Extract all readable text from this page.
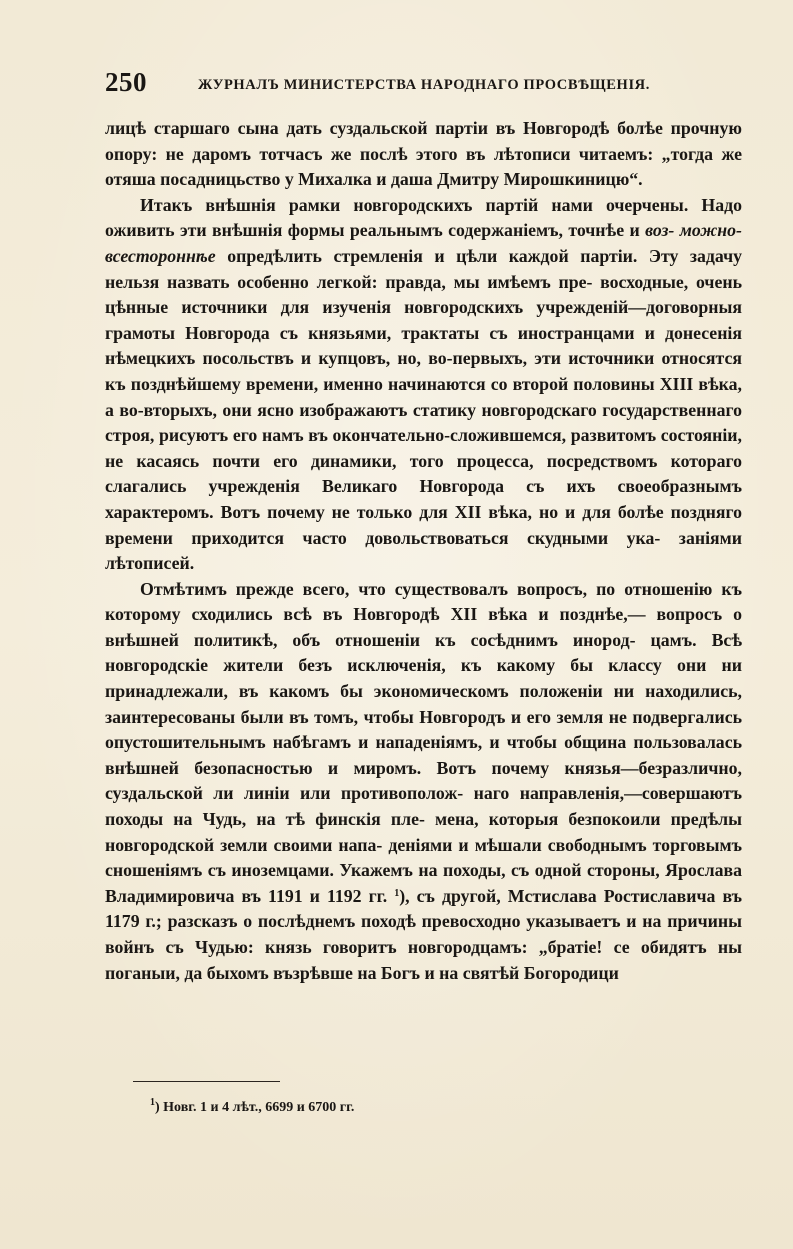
250	ЖУРНАЛЪ МИНИСТЕРСТВА НАРОДНАГО ПРОСВѢЩЕНІЯ.

лицѣ старшаго сына дать суздальской партіи въ Новгородѣ болѣе прочную опору: не даромъ тотчасъ же послѣ этого въ лѣтописи читаемъ: „тогда же отяша посадницьство у Михалка и даша Дмитру Мирошкиницю“.

Итакъ внѣшнія рамки новгородскихъ партій нами очерчены. Надо оживить эти внѣшнія формы реальнымъ содержаніемъ, точнѣе и воз- можно-всестороннѣе опредѣлить стремленія и цѣли каждой партіи. Эту задачу нельзя назвать особенно легкой: правда, мы имѣемъ пре- восходные, очень цѣнные источники для изученія новгородскихъ учрежденій—договорныя грамоты Новгорода съ князьями, трактаты съ иностранцами и донесенія нѣмецкихъ посольствъ и купцовъ, но, во-первыхъ, эти источники относятся къ позднѣйшему времени, именно начинаются со второй половины XIII вѣка, а во-вторыхъ, они ясно изображаютъ статику новгородскаго государственнаго строя, рисуютъ его намъ въ окончательно-сложившемся, развитомъ состояніи, не касаясь почти его динамики, того процесса, посредствомъ котораго слагались учрежденія Великаго Новгорода съ ихъ своеобразнымъ характеромъ. Вотъ почему не только для XII вѣка, но и для болѣе поздняго времени приходится часто довольствоваться скудными ука- заніями лѣтописей.

Отмѣтимъ прежде всего, что существовалъ вопросъ, по отношенію къ которому сходились всѣ въ Новгородѣ XII вѣка и позднѣе,— вопросъ о внѣшней политикѣ, объ отношеніи къ сосѣднимъ инород- цамъ. Всѣ новгородскіе жители безъ исключенія, къ какому бы классу они ни принадлежали, въ какомъ бы экономическомъ положеніи ни находились, заинтересованы были въ томъ, чтобы Новгородъ и его земля не подвергались опустошительнымъ набѣгамъ и нападеніямъ, и чтобы община пользовалась внѣшней безопасностью и миромъ. Вотъ почему князья—безразлично, суздальской ли линіи или противополож- наго направленія,—совершаютъ походы на Чудь, на тѣ финскія пле- мена, которыя безпокоили предѣлы новгородской земли своими напа- деніями и мѣшали свободнымъ торговымъ сношеніямъ съ иноземцами. Укажемъ на походы, съ одной стороны, Ярослава Владимировича въ 1191 и 1192 гг. $^1$), съ другой, Мстислава Ростиславича въ 1179 г.; разсказъ о послѣднемъ походѣ превосходно указываетъ и на причины войнъ съ Чудью: князь говоритъ новгородцамъ: „братіе! се обидятъ ны поганыи, да быхомъ възрѣвше на Богъ и на святѣй Богородици

$^1$) Новг. 1 и 4 лѣт., 6699 и 6700 гг.
